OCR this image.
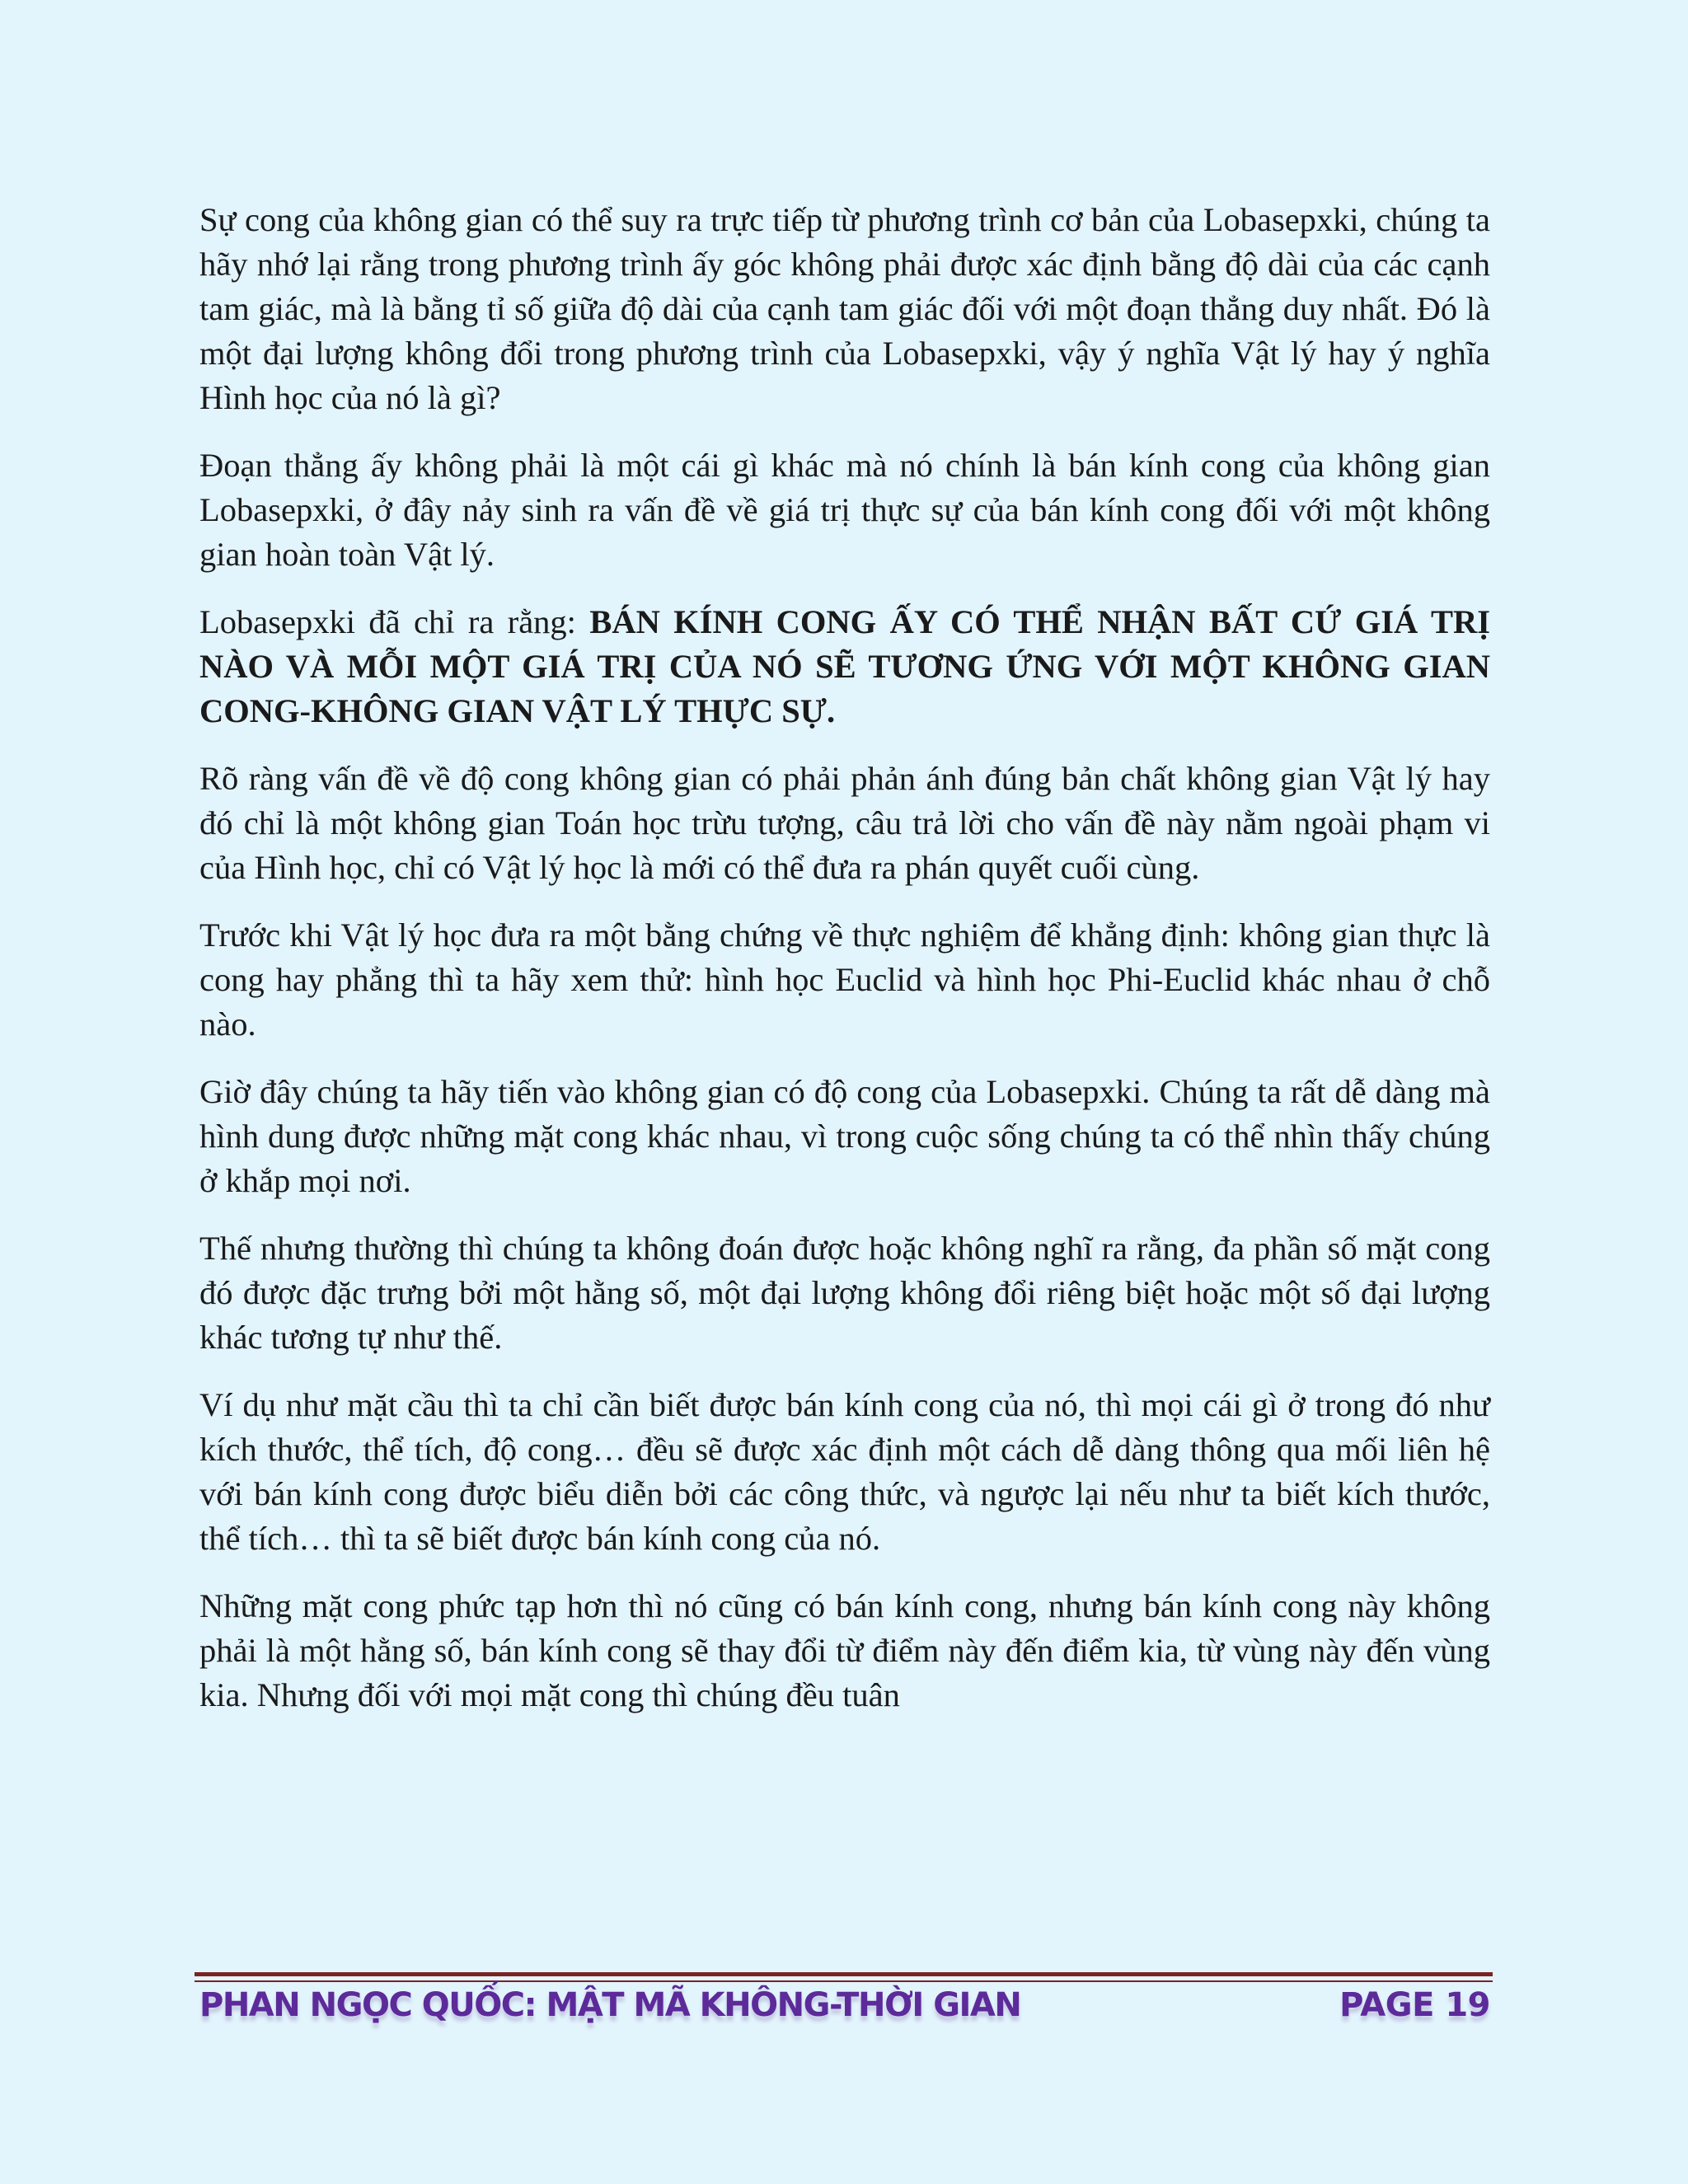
Sự cong của không gian có thể suy ra trực tiếp từ phương trình cơ bản của Lobasepxki, chúng ta hãy nhớ lại rằng trong phương trình ấy góc không phải được xác định bằng độ dài của các cạnh tam giác, mà là bằng tỉ số giữa độ dài của cạnh tam giác đối với một đoạn thẳng duy nhất. Đó là một đại lượng không đổi trong phương trình của Lobasepxki, vậy ý nghĩa Vật lý hay ý nghĩa Hình học của nó là gì?

Đoạn thẳng ấy không phải là một cái gì khác mà nó chính là bán kính cong của không gian Lobasepxki, ở đây nảy sinh ra vấn đề về giá trị thực sự của bán kính cong đối với một không gian hoàn toàn Vật lý.

Lobasepxki đã chỉ ra rằng: BÁN KÍNH CONG ẤY CÓ THỂ NHẬN BẤT CỨ GIÁ TRỊ NÀO VÀ MỖI MỘT GIÁ TRỊ CỦA NÓ SẼ TƯƠNG ỨNG VỚI MỘT KHÔNG GIAN CONG-KHÔNG GIAN VẬT LÝ THỰC SỰ.

Rõ ràng vấn đề về độ cong không gian có phải phản ánh đúng bản chất không gian Vật lý hay đó chỉ là một không gian Toán học trừu tượng, câu trả lời cho vấn đề này nằm ngoài phạm vi của Hình học, chỉ có Vật lý học là mới có thể đưa ra phán quyết cuối cùng.

Trước khi Vật lý học đưa ra một bằng chứng về thực nghiệm để khẳng định: không gian thực là cong hay phẳng thì ta hãy xem thử: hình học Euclid và hình học Phi-Euclid khác nhau ở chỗ nào.

Giờ đây chúng ta hãy tiến vào không gian có độ cong của Lobasepxki. Chúng ta rất dễ dàng mà hình dung được những mặt cong khác nhau, vì trong cuộc sống chúng ta có thể nhìn thấy chúng ở khắp mọi nơi.

Thế nhưng thường thì chúng ta không đoán được hoặc không nghĩ ra rằng, đa phần số mặt cong đó được đặc trưng bởi một hằng số, một đại lượng không đổi riêng biệt hoặc một số đại lượng khác tương tự như thế.

Ví dụ như mặt cầu thì ta chỉ cần biết được bán kính cong của nó, thì mọi cái gì ở trong đó như kích thước, thể tích, độ cong… đều sẽ được xác định một cách dễ dàng thông qua mối liên hệ với bán kính cong được biểu diễn bởi các công thức, và ngược lại nếu như ta biết kích thước, thể tích… thì ta sẽ biết được bán kính cong của nó.

Những mặt cong phức tạp hơn thì nó cũng có bán kính cong, nhưng bán kính cong này không phải là một hằng số, bán kính cong sẽ thay đổi từ điểm này đến điểm kia, từ vùng này đến vùng kia. Nhưng đối với mọi mặt cong thì chúng đều tuân

PHAN NGỌC QUỐC: MẬT MÃ KHÔNG-THỜI GIAN	PAGE 19
